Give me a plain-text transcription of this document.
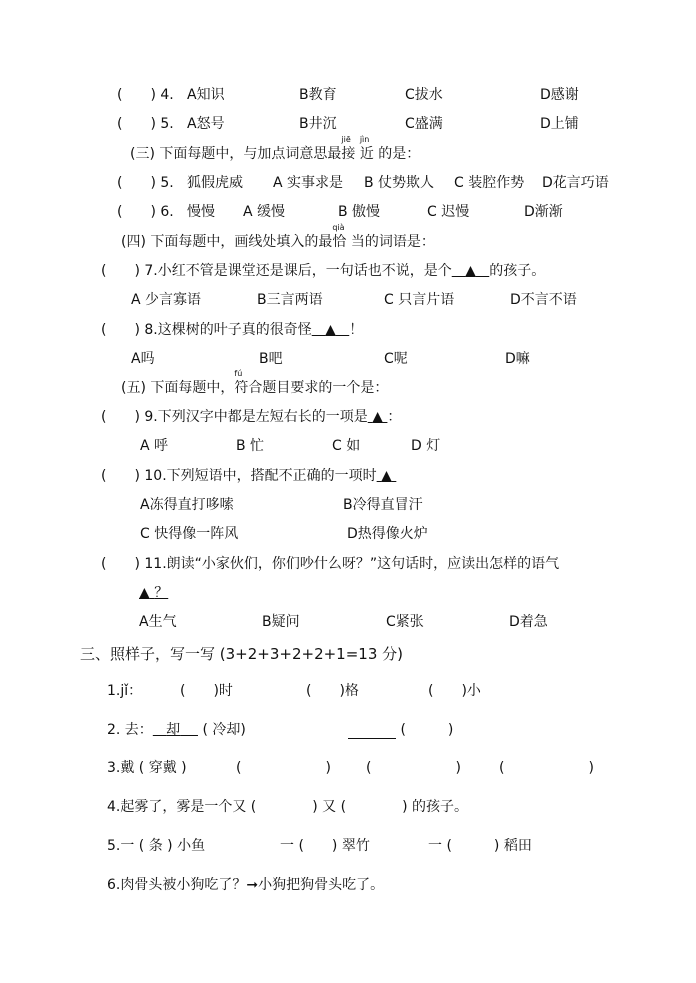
(　　) 4. A知识	B教育	C拔水	D感谢
(　　) 5. A怒号	B井沉	C盛满	D上铺
(三) 下面每题中，与加点词意思最
jiē
接
jìn
近 的是：
(　　) 5. 狐假虎威 A 实事求是 B 仗势欺人 C 装腔作势 D花言巧语
(　　) 6. 慢慢 A 缓慢	B 傲慢	C 迟慢	D渐渐
(四) 下面每题中，画线处填入的最
qià
恰 当的词语是：
(　　) 7.小红不管是课堂还是课后，一句话也不说，是个 ▲ 的孩子。
A 少言寡语	B三言两语	C 只言片语	D不言不语
(　　) 8.这棵树的叶子真的很奇怪 ▲ ！
A吗	B吧	C呢	D嘛
(五) 下面每题中，
fú
符合题目要求的一个是：
(　　) 9.下列汉字中都是左短右长的一项是 ▲ ：
A 呼	B 忙	C 如	D 灯
(　　) 10.下列短语中，搭配不正确的一项时 ▲
A冻得直打哆嗦	B冷得直冒汗
C 快得像一阵风	D热得像火炉
(　　) 11.朗读“小家伙们，你们吵什么呀？”这句话时，应读出怎样的语气
▲ ？
A生气	B疑问	C紧张	D着急
三、照样子，写一写 (3+2+3+2+2+1=13 分)
1.jǐ：	(　　)时	(　　)格	(　　)小
2. 去： 却 ( 冷却)	(　　　)
3.戴 ( 穿戴 )	(　　　　　　)	(　　　　　　)	(　　　　　　)
4.起雾了，雾是一个又 (　　　　) 又 (　　　　) 的孩子。
5.一 ( 条 ) 小鱼	一 (　　) 翠竹	一 (　　　) 稻田
6.肉骨头被小狗吃了？➞小狗把狗骨头吃了。
